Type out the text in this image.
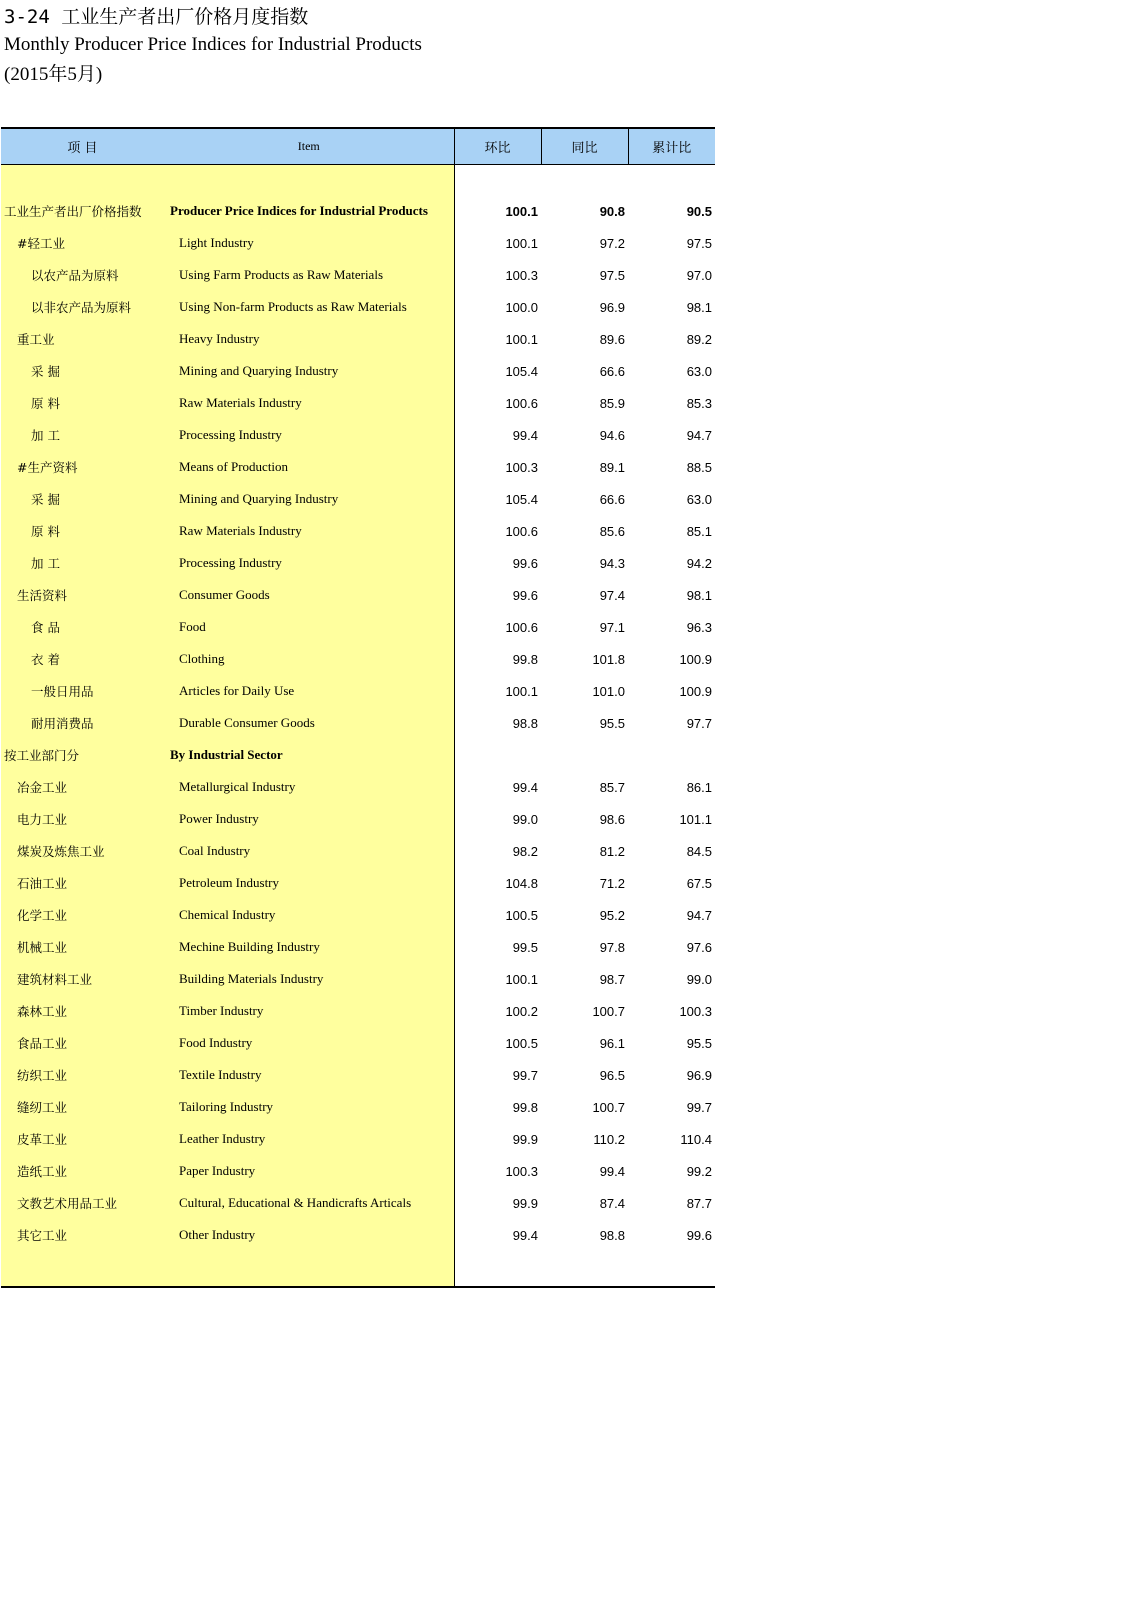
3-24 工业生产者出厂价格月度指数
Monthly Producer Price Indices for Industrial Products
(2015年5月)
项 目	Item	环比	同比	累计比

工业生产者出厂价格指数	Producer Price Indices for Industrial Products	100.1	90.8	90.5
#轻工业	Light Industry	100.1	97.2	97.5
以农产品为原料	Using Farm Products as Raw Materials	100.3	97.5	97.0
以非农产品为原料	Using Non-farm Products as Raw Materials	100.0	96.9	98.1
重工业	Heavy Industry	100.1	89.6	89.2
采 掘	Mining and Quarying Industry	105.4	66.6	63.0
原 料	Raw Materials Industry	100.6	85.9	85.3
加 工	Processing Industry	99.4	94.6	94.7
#生产资料	Means of Production	100.3	89.1	88.5
采 掘	Mining and Quarying Industry	105.4	66.6	63.0
原 料	Raw Materials Industry	100.6	85.6	85.1
加 工	Processing Industry	99.6	94.3	94.2
生活资料	Consumer Goods	99.6	97.4	98.1
食 品	Food	100.6	97.1	96.3
衣 着	Clothing	99.8	101.8	100.9
一般日用品	Articles for Daily Use	100.1	101.0	100.9
耐用消费品	Durable Consumer Goods	98.8	95.5	97.7
按工业部门分	By Industrial Sector			
冶金工业	Metallurgical Industry	99.4	85.7	86.1
电力工业	Power Industry	99.0	98.6	101.1
煤炭及炼焦工业	Coal Industry	98.2	81.2	84.5
石油工业	Petroleum Industry	104.8	71.2	67.5
化学工业	Chemical Industry	100.5	95.2	94.7
机械工业	Mechine Building Industry	99.5	97.8	97.6
建筑材料工业	Building Materials Industry	100.1	98.7	99.0
森林工业	Timber Industry	100.2	100.7	100.3
食品工业	Food Industry	100.5	96.1	95.5
纺织工业	Textile Industry	99.7	96.5	96.9
缝纫工业	Tailoring Industry	99.8	100.7	99.7
皮革工业	Leather Industry	99.9	110.2	110.4
造纸工业	Paper Industry	100.3	99.4	99.2
文教艺术用品工业	Cultural, Educational & Handicrafts Articals	99.9	87.4	87.7
其它工业	Other Industry	99.4	98.8	99.6
